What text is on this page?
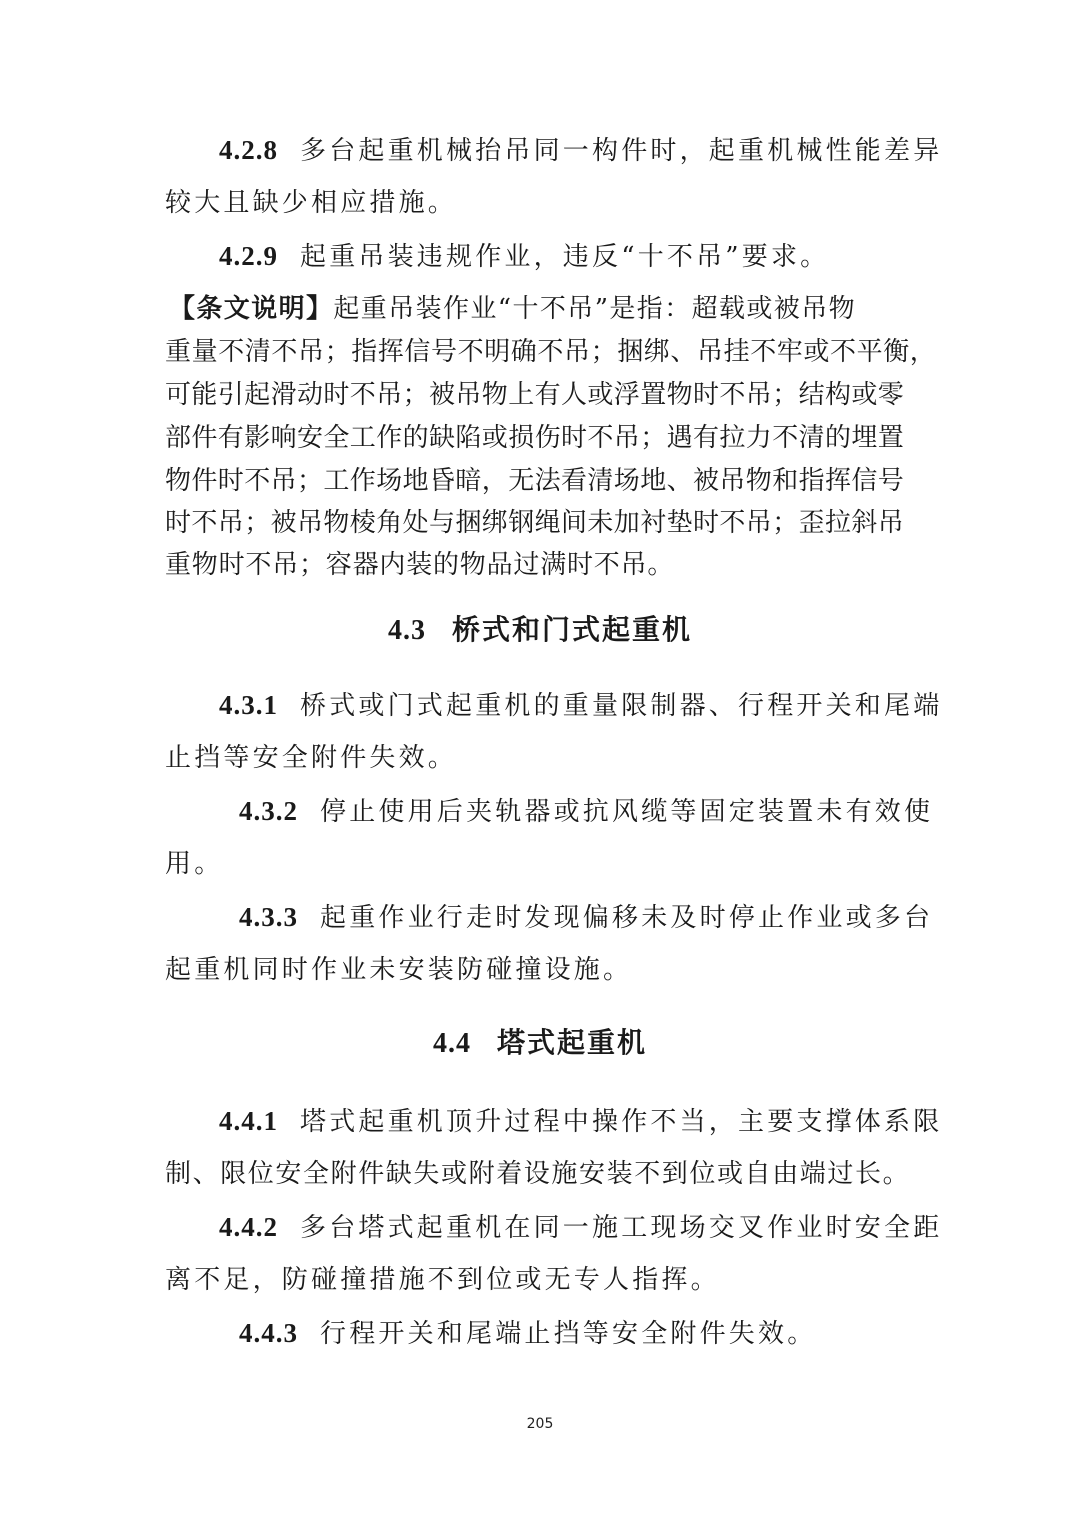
4.2.8 多台起重机械抬吊同一构件时，起重机械性能差异
较大且缺少相应措施。
4.2.9 起重吊装违规作业，违反“十不吊”要求。
【条文说明】起重吊装作业“十不吊”是指：超载或被吊物
重量不清不吊；指挥信号不明确不吊；捆绑、吊挂不牢或不平衡，
可能引起滑动时不吊；被吊物上有人或浮置物时不吊；结构或零
部件有影响安全工作的缺陷或损伤时不吊；遇有拉力不清的埋置
物件时不吊；工作场地昏暗，无法看清场地、被吊物和指挥信号
时不吊；被吊物棱角处与捆绑钢绳间未加衬垫时不吊；歪拉斜吊
重物时不吊；容器内装的物品过满时不吊。
4.3 桥式和门式起重机
4.3.1 桥式或门式起重机的重量限制器、行程开关和尾端
止挡等安全附件失效。
4.3.2 停止使用后夹轨器或抗风缆等固定装置未有效使
用。
4.3.3 起重作业行走时发现偏移未及时停止作业或多台
起重机同时作业未安装防碰撞设施。
4.4 塔式起重机
4.4.1 塔式起重机顶升过程中操作不当，主要支撑体系限
制、限位安全附件缺失或附着设施安装不到位或自由端过长。
4.4.2 多台塔式起重机在同一施工现场交叉作业时安全距
离不足，防碰撞措施不到位或无专人指挥。
4.4.3 行程开关和尾端止挡等安全附件失效。
205
